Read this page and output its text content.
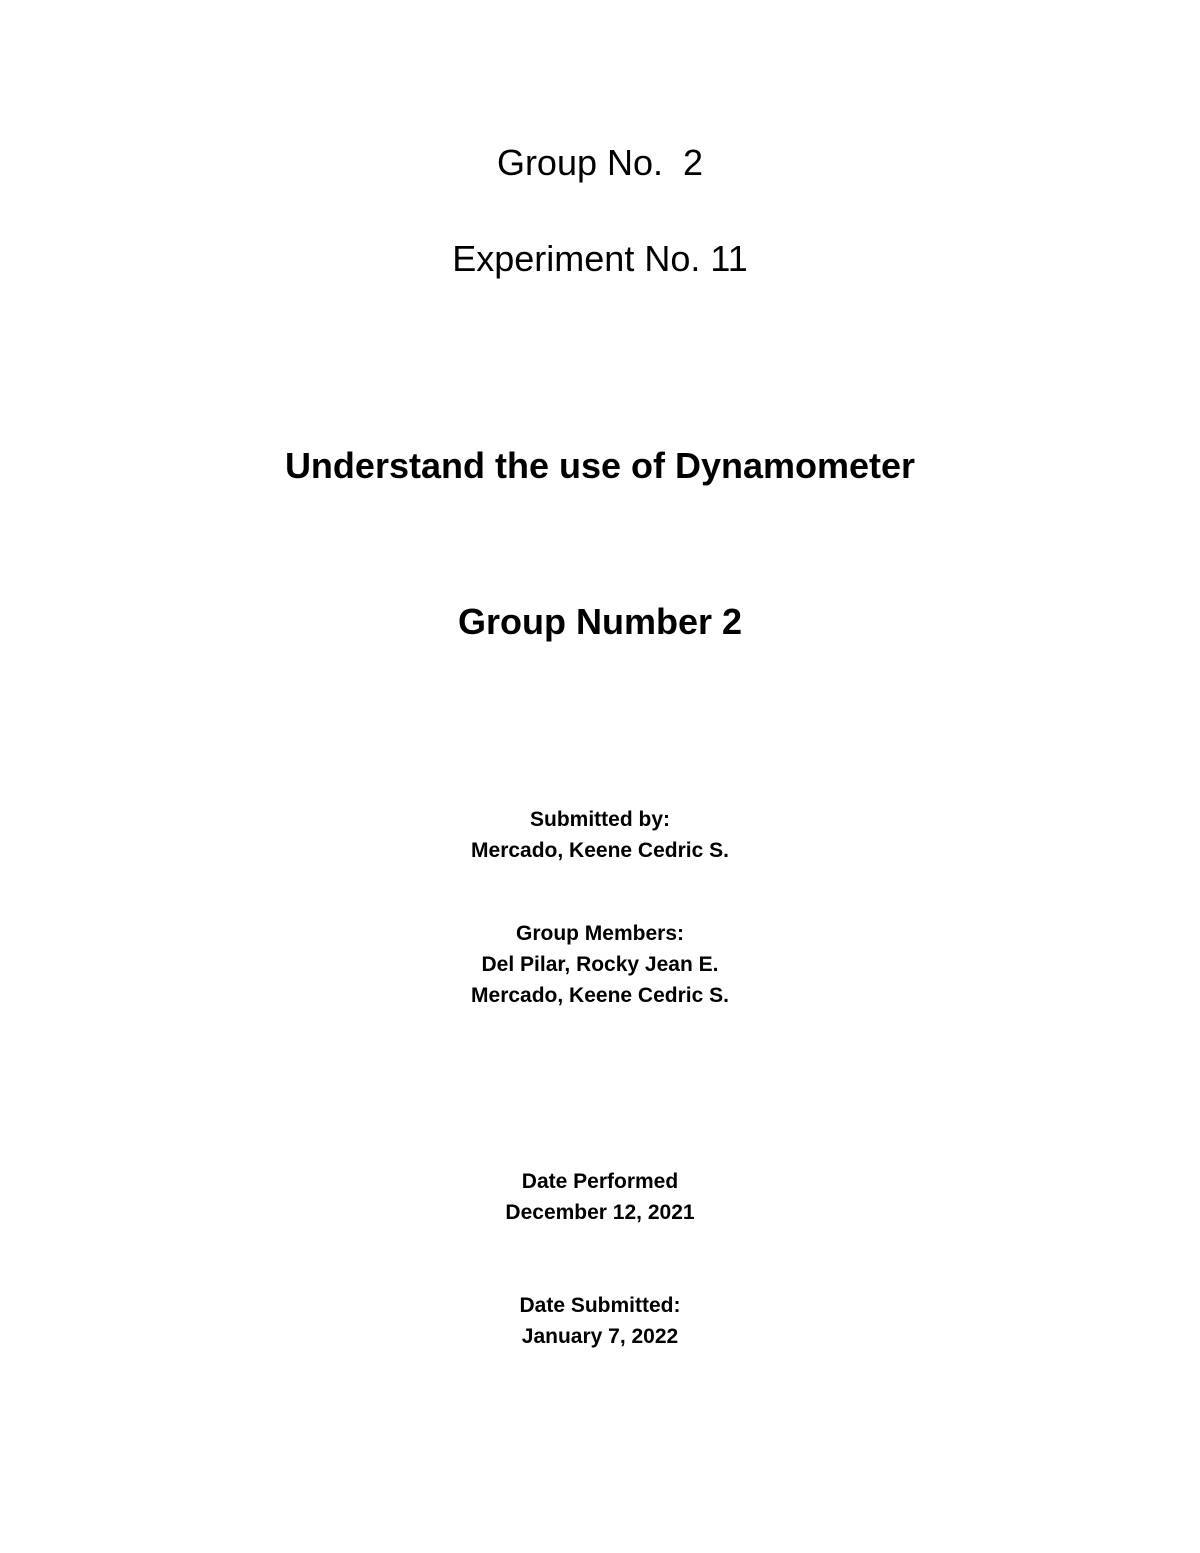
Group No.  2
Experiment No. 11
Understand the use of Dynamometer
Group Number 2
Submitted by:
Mercado, Keene Cedric S.
Group Members:
Del Pilar, Rocky Jean E.
Mercado, Keene Cedric S.
Date Performed
December 12, 2021
Date Submitted:
January 7, 2022
